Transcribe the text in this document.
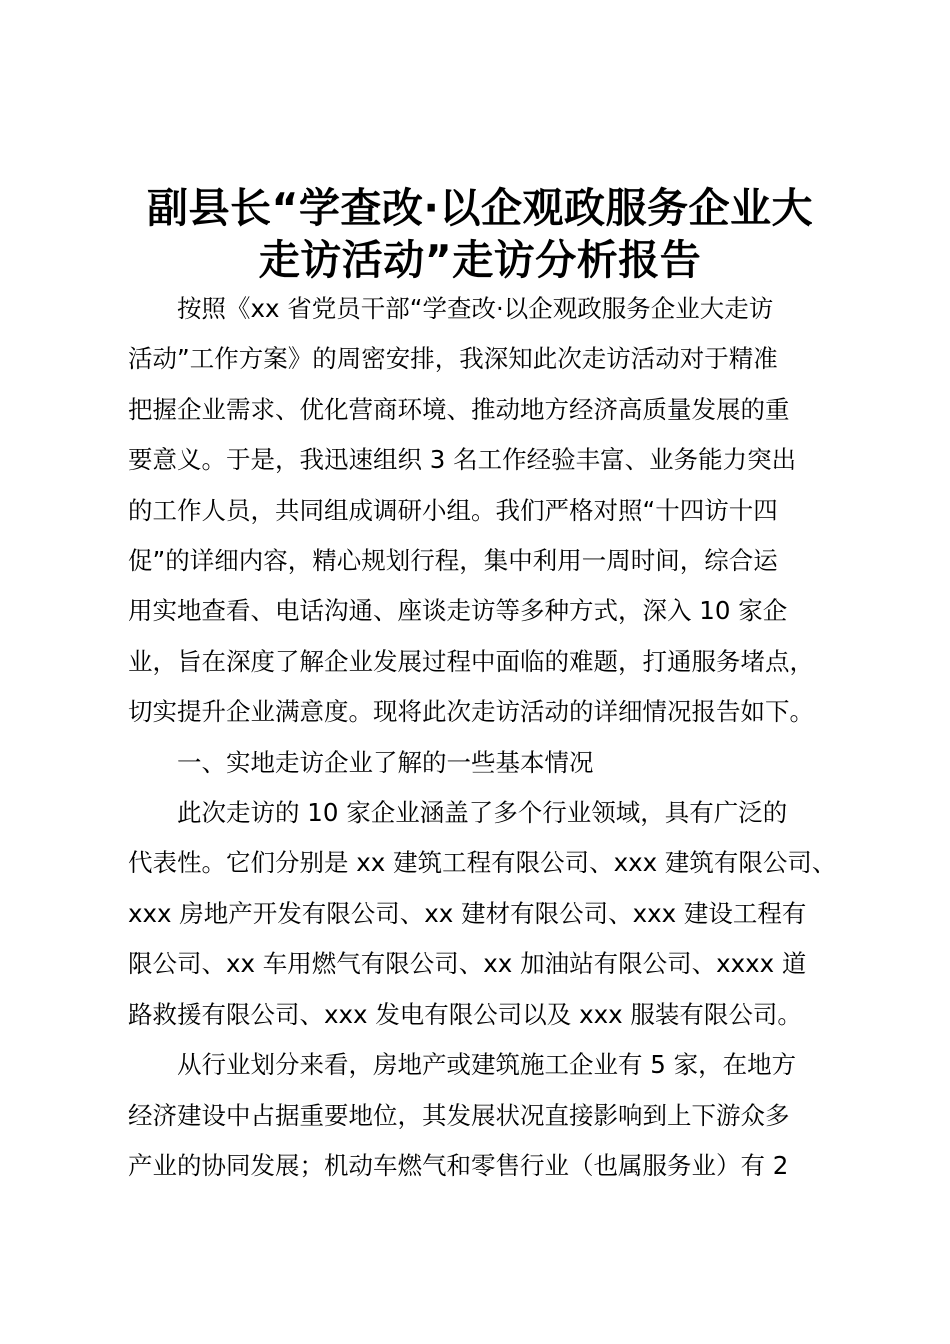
副县长“学查改·以企观政服务企业大
走访活动”走访分析报告

按照《xx 省党员干部“学查改·以企观政服务企业大走访
活动”工作方案》的周密安排，我深知此次走访活动对于精准
把握企业需求、优化营商环境、推动地方经济高质量发展的重
要意义。于是，我迅速组织 3 名工作经验丰富、业务能力突出
的工作人员，共同组成调研小组。我们严格对照“十四访十四
促”的详细内容，精心规划行程，集中利用一周时间，综合运
用实地查看、电话沟通、座谈走访等多种方式，深入 10 家企
业，旨在深度了解企业发展过程中面临的难题，打通服务堵点，
切实提升企业满意度。现将此次走访活动的详细情况报告如下。

一、实地走访企业了解的一些基本情况

此次走访的 10 家企业涵盖了多个行业领域，具有广泛的
代表性。它们分别是 xx 建筑工程有限公司、xxx 建筑有限公司、
xxx 房地产开发有限公司、xx 建材有限公司、xxx 建设工程有
限公司、xx 车用燃气有限公司、xx 加油站有限公司、xxxx 道
路救援有限公司、xxx 发电有限公司以及 xxx 服装有限公司。

从行业划分来看，房地产或建筑施工企业有 5 家，在地方
经济建设中占据重要地位，其发展状况直接影响到上下游众多
产业的协同发展；机动车燃气和零售行业（也属服务业）有 2
